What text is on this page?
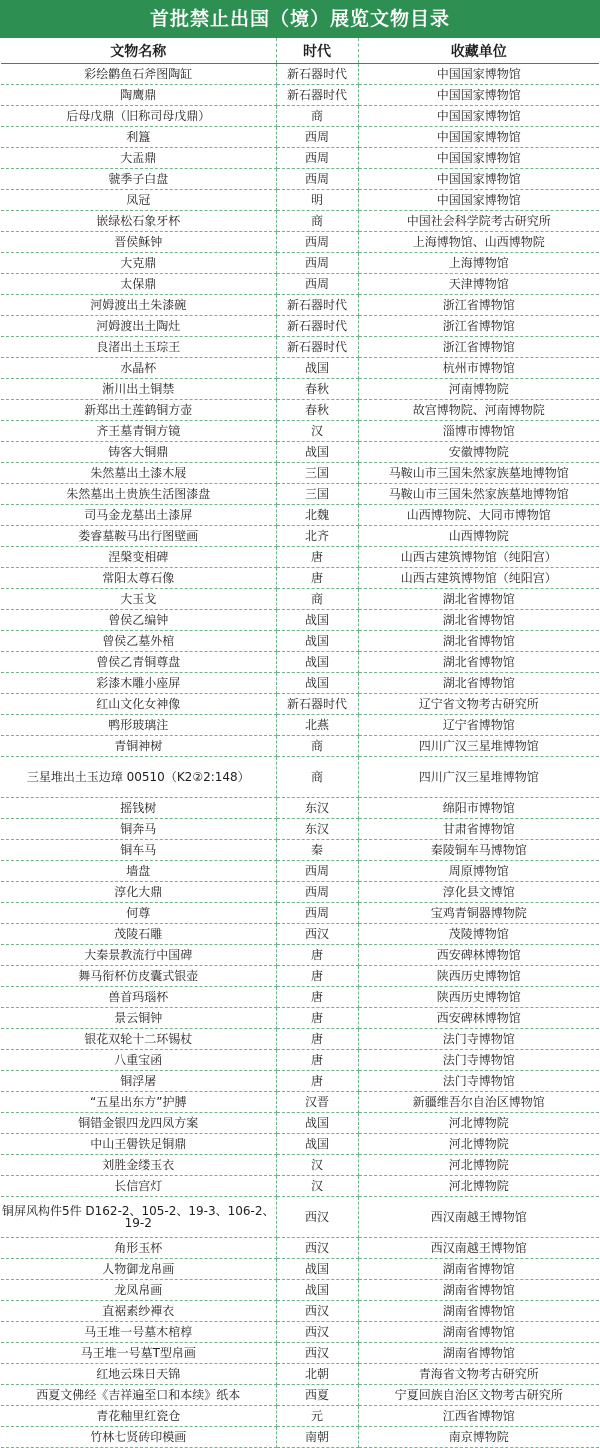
首批禁止出国（境）展览文物目录
文物名称	时代	收藏单位
彩绘鹳鱼石斧图陶缸	新石器时代	中国国家博物馆
陶鹰鼎	新石器时代	中国国家博物馆
后母戊鼎（旧称司母戊鼎）	商	中国国家博物馆
利簋	西周	中国国家博物馆
大盂鼎	西周	中国国家博物馆
虢季子白盘	西周	中国国家博物馆
凤冠	明	中国国家博物馆
嵌绿松石象牙杯	商	中国社会科学院考古研究所
晋侯稣钟	西周	上海博物馆、山西博物院
大克鼎	西周	上海博物馆
太保鼎	西周	天津博物馆
河姆渡出土朱漆碗	新石器时代	浙江省博物馆
河姆渡出土陶灶	新石器时代	浙江省博物馆
良渚出土玉琮王	新石器时代	浙江省博物馆
水晶杯	战国	杭州市博物馆
淅川出土铜禁	春秋	河南博物院
新郑出土莲鹤铜方壶	春秋	故宫博物院、河南博物院
齐王墓青铜方镜	汉	淄博市博物馆
铸客大铜鼎	战国	安徽博物院
朱然墓出土漆木屐	三国	马鞍山市三国朱然家族墓地博物馆
朱然墓出土贵族生活图漆盘	三国	马鞍山市三国朱然家族墓地博物馆
司马金龙墓出土漆屏	北魏	山西博物院、大同市博物馆
娄睿墓鞍马出行图壁画	北齐	山西博物院
涅槃变相碑	唐	山西古建筑博物馆（纯阳宫）
常阳太尊石像	唐	山西古建筑博物馆（纯阳宫）
大玉戈	商	湖北省博物馆
曾侯乙编钟	战国	湖北省博物馆
曾侯乙墓外棺	战国	湖北省博物馆
曾侯乙青铜尊盘	战国	湖北省博物馆
彩漆木雕小座屏	战国	湖北省博物馆
红山文化女神像	新石器时代	辽宁省文物考古研究所
鸭形玻璃注	北燕	辽宁省博物馆
青铜神树	商	四川广汉三星堆博物馆
三星堆出土玉边璋 00510（K2②2:148）	商	四川广汉三星堆博物馆
摇钱树	东汉	绵阳市博物馆
铜奔马	东汉	甘肃省博物馆
铜车马	秦	秦陵铜车马博物馆
墙盘	西周	周原博物馆
淳化大鼎	西周	淳化县文博馆
何尊	西周	宝鸡青铜器博物院
茂陵石雕	西汉	茂陵博物馆
大秦景教流行中国碑	唐	西安碑林博物馆
舞马衔杯仿皮囊式银壶	唐	陕西历史博物馆
兽首玛瑙杯	唐	陕西历史博物馆
景云铜钟	唐	西安碑林博物馆
银花双轮十二环锡杖	唐	法门寺博物馆
八重宝函	唐	法门寺博物馆
铜浮屠	唐	法门寺博物馆
“五星出东方”护膊	汉晋	新疆维吾尔自治区博物馆
铜错金银四龙四凤方案	战国	河北博物院
中山王嚳铁足铜鼎	战国	河北博物院
刘胜金缕玉衣	汉	河北博物院
长信宫灯	汉	河北博物院
铜屏风构件5件 D162-2、105-2、19-3、106-2、19-2	西汉	西汉南越王博物馆
角形玉杯	西汉	西汉南越王博物馆
人物御龙帛画	战国	湖南省博物馆
龙凤帛画	战国	湖南省博物馆
直裾素纱襌衣	西汉	湖南省博物馆
马王堆一号墓木棺椁	西汉	湖南省博物馆
马王堆一号墓T型帛画	西汉	湖南省博物馆
红地云珠日天锦	北朝	青海省文物考古研究所
西夏文佛经《吉祥遍至口和本续》纸本	西夏	宁夏回族自治区文物考古研究所
青花釉里红瓷仓	元	江西省博物馆
竹林七贤砖印模画	南朝	南京博物院
